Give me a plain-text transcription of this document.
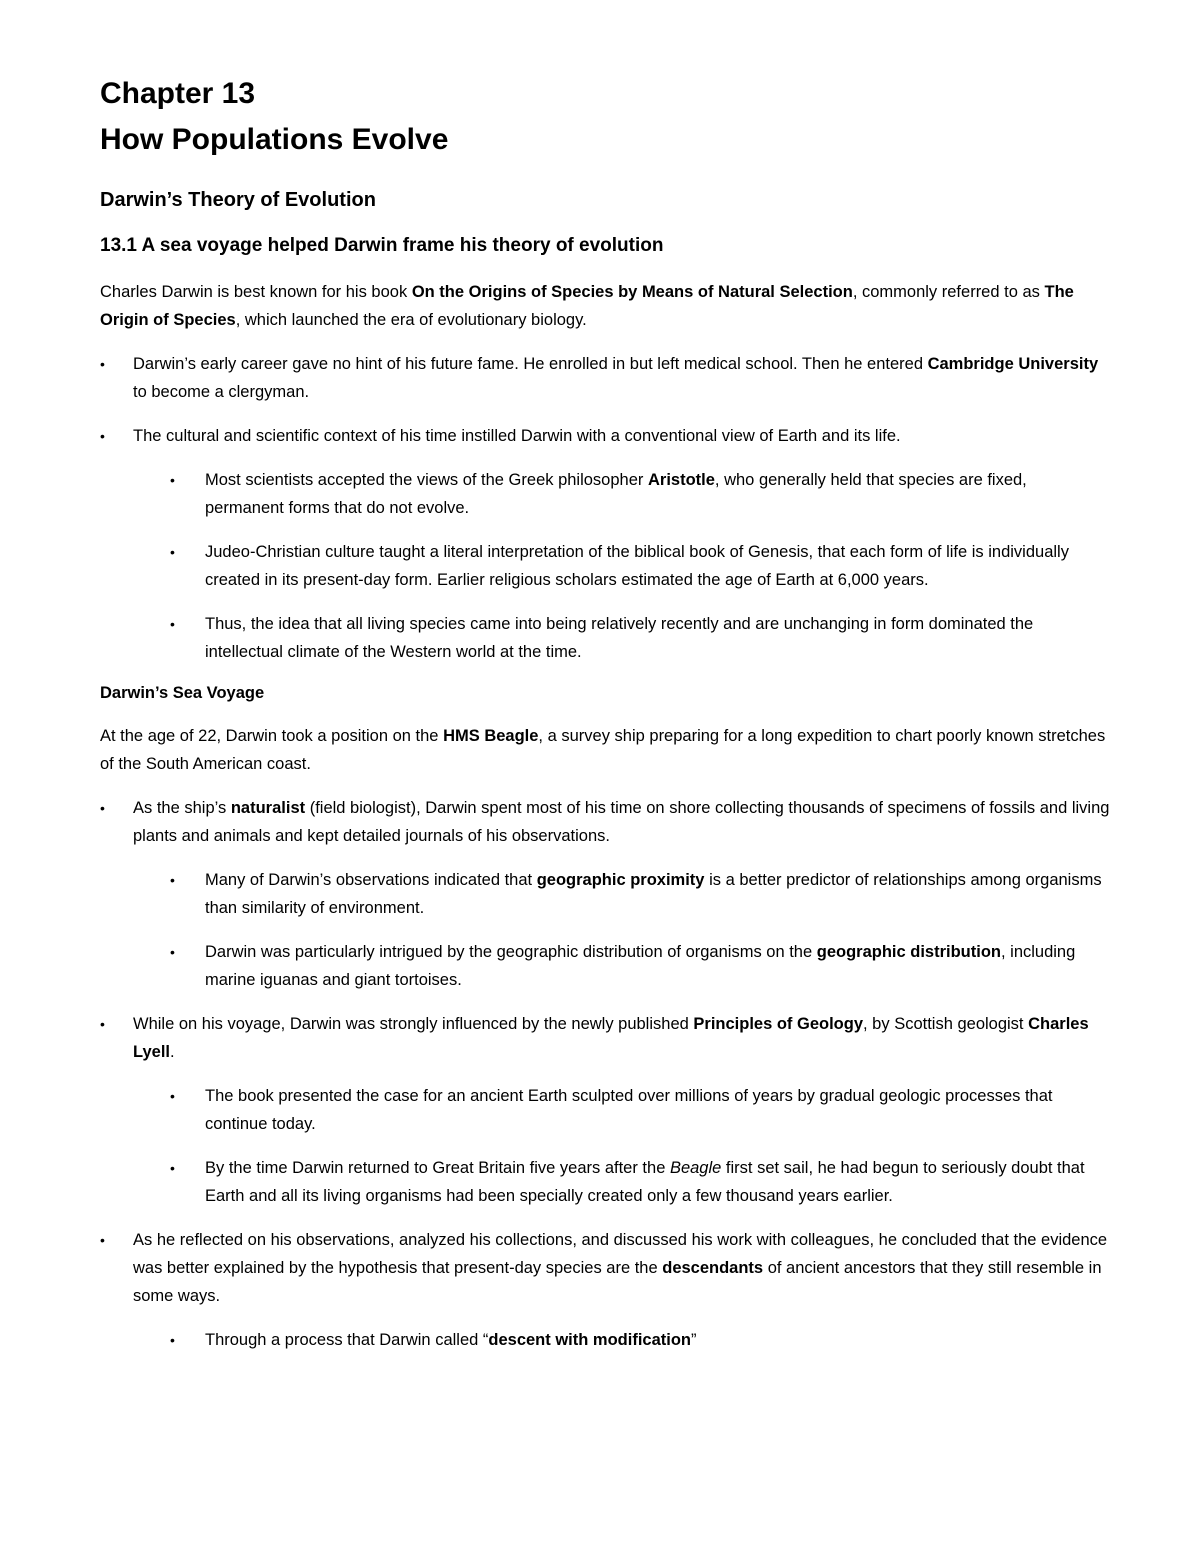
Chapter 13
How Populations Evolve
Darwin’s Theory of Evolution
13.1 A sea voyage helped Darwin frame his theory of evolution

Charles Darwin is best known for his book On the Origins of Species by Means of Natural Selection, commonly referred to as The Origin of Species, which launched the era of evolutionary biology.

• Darwin’s early career gave no hint of his future fame. He enrolled in but left medical school. Then he entered Cambridge University to become a clergyman.
• The cultural and scientific context of his time instilled Darwin with a conventional view of Earth and its life.
• Most scientists accepted the views of the Greek philosopher Aristotle, who generally held that species are fixed, permanent forms that do not evolve.
• Judeo-Christian culture taught a literal interpretation of the biblical book of Genesis, that each form of life is individually created in its present-day form. Earlier religious scholars estimated the age of Earth at 6,000 years.
• Thus, the idea that all living species came into being relatively recently and are unchanging in form dominated the intellectual climate of the Western world at the time.
Darwin’s Sea Voyage

At the age of 22, Darwin took a position on the HMS Beagle, a survey ship preparing for a long expedition to chart poorly known stretches of the South American coast.

• As the ship’s naturalist (field biologist), Darwin spent most of his time on shore collecting thousands of specimens of fossils and living plants and animals and kept detailed journals of his observations.
• Many of Darwin’s observations indicated that geographic proximity is a better predictor of relationships among organisms than similarity of environment.
• Darwin was particularly intrigued by the geographic distribution of organisms on the geographic distribution, including marine iguanas and giant tortoises.
• While on his voyage, Darwin was strongly influenced by the newly published Principles of Geology, by Scottish geologist Charles Lyell.
• The book presented the case for an ancient Earth sculpted over millions of years by gradual geologic processes that continue today.
• By the time Darwin returned to Great Britain five years after the Beagle first set sail, he had begun to seriously doubt that Earth and all its living organisms had been specially created only a few thousand years earlier.
• As he reflected on his observations, analyzed his collections, and discussed his work with colleagues, he concluded that the evidence was better explained by the hypothesis that present-day species are the descendants of ancient ancestors that they still resemble in some ways.
• Through a process that Darwin called “descent with modification”
